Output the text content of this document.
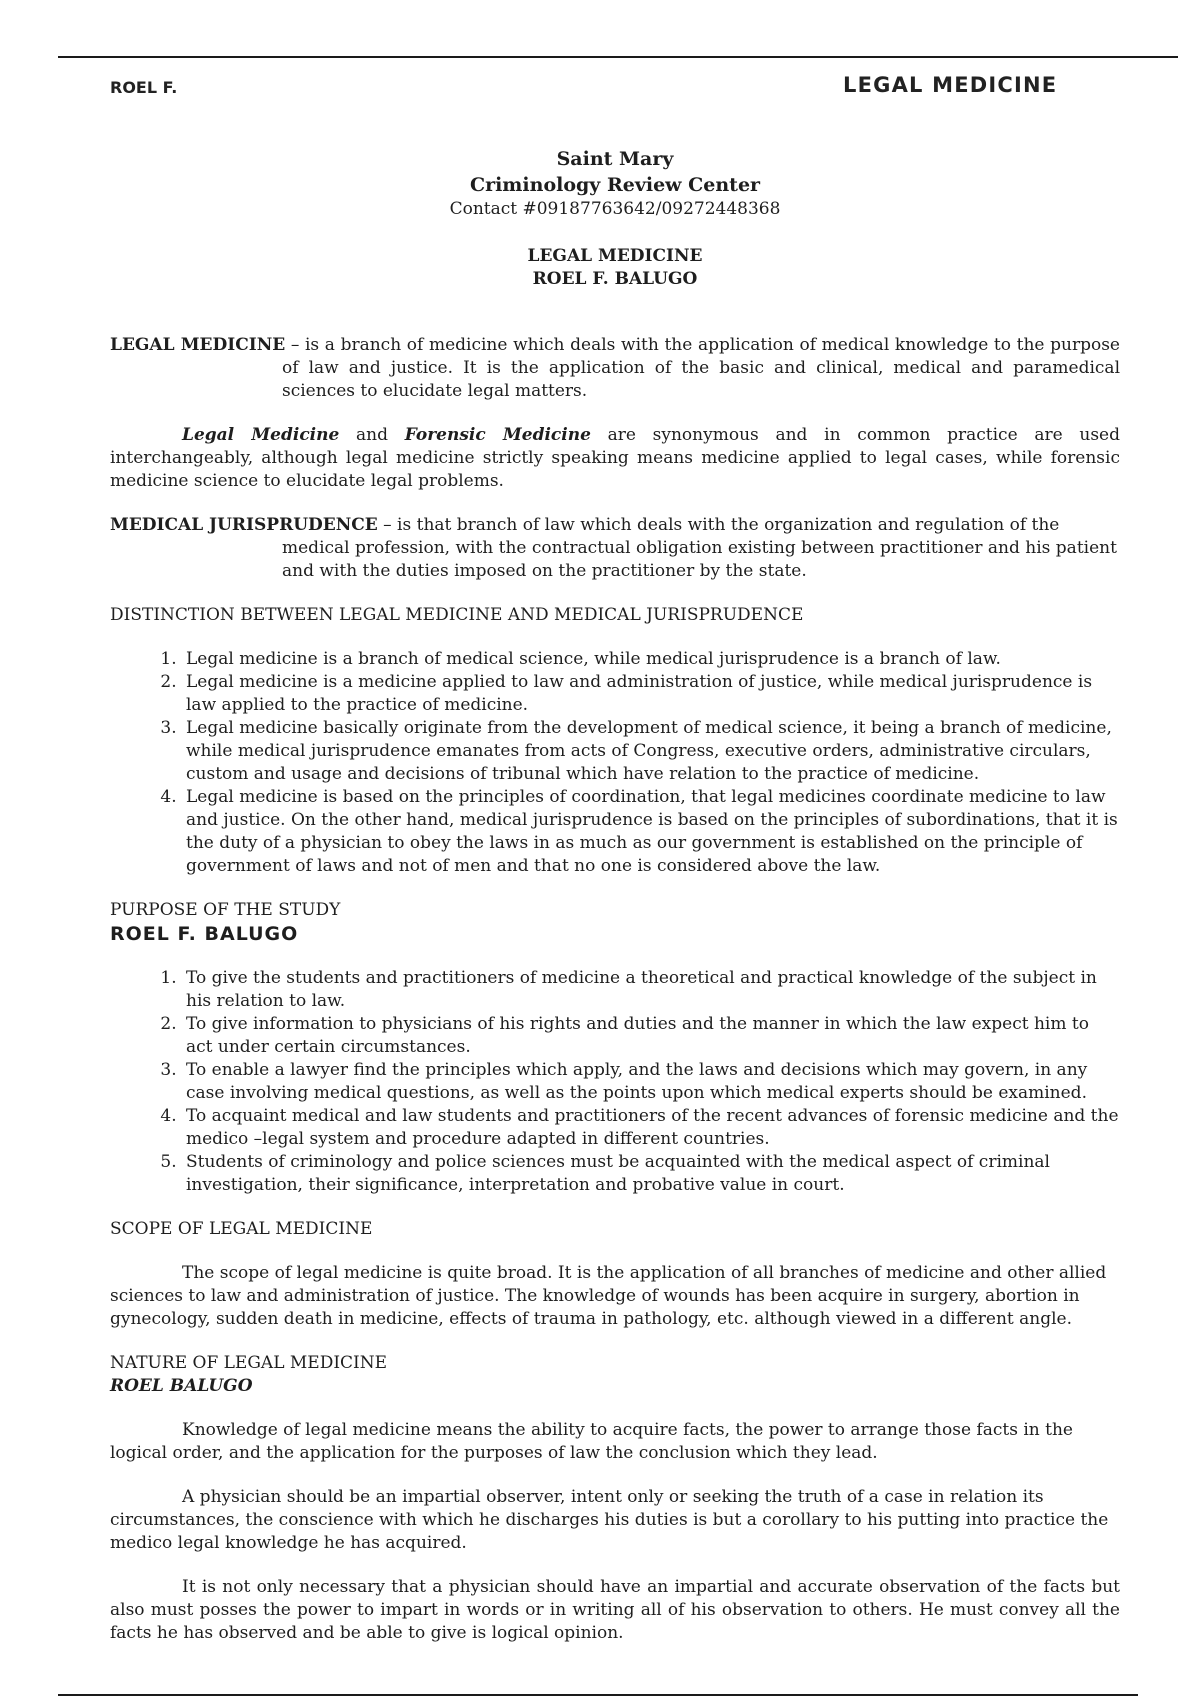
ROEL F.	LEGAL MEDICINE
Saint Mary
Criminology Review Center
Contact #09187763642/09272448368
LEGAL MEDICINE
ROEL F. BALUGO

LEGAL MEDICINE – is a branch of medicine which deals with the application of medical knowledge to the purpose of law and justice. It is the application of the basic and clinical, medical and paramedical sciences to elucidate legal matters.

Legal Medicine and Forensic Medicine are synonymous and in common practice are used interchangeably, although legal medicine strictly speaking means medicine applied to legal cases, while forensic medicine science to elucidate legal problems.

MEDICAL JURISPRUDENCE – is that branch of law which deals with the organization and regulation of the medical profession, with the contractual obligation existing between practitioner and his patient and with the duties imposed on the practitioner by the state.

DISTINCTION BETWEEN LEGAL MEDICINE AND MEDICAL JURISPRUDENCE

1. Legal medicine is a branch of medical science, while medical jurisprudence is a branch of law.
2. Legal medicine is a medicine applied to law and administration of justice, while medical jurisprudence is law applied to the practice of medicine.
3. Legal medicine basically originate from the development of medical science, it being a branch of medicine, while medical jurisprudence emanates from acts of Congress, executive orders, administrative circulars, custom and usage and decisions of tribunal which have relation to the practice of medicine.
4. Legal medicine is based on the principles of coordination, that legal medicines coordinate medicine to law and justice. On the other hand, medical jurisprudence is based on the principles of subordinations, that it is the duty of a physician to obey the laws in as much as our government is established on the principle of government of laws and not of men and that no one is considered above the law.

PURPOSE OF THE STUDY

ROEL F. BALUGO

1. To give the students and practitioners of medicine a theoretical and practical knowledge of the subject in his relation to law.
2. To give information to physicians of his rights and duties and the manner in which the law expect him to act under certain circumstances.
3. To enable a lawyer find the principles which apply, and the laws and decisions which may govern, in any case involving medical questions, as well as the points upon which medical experts should be examined.
4. To acquaint medical and law students and practitioners of the recent advances of forensic medicine and the medico –legal system and procedure adapted in different countries.
5. Students of criminology and police sciences must be acquainted with the medical aspect of criminal investigation, their significance, interpretation and probative value in court.

SCOPE OF LEGAL MEDICINE

The scope of legal medicine is quite broad. It is the application of all branches of medicine and other allied sciences to law and administration of justice. The knowledge of wounds has been acquire in surgery, abortion in gynecology, sudden death in medicine, effects of trauma in pathology, etc. although viewed in a different angle.

NATURE OF LEGAL MEDICINE

ROEL BALUGO

Knowledge of legal medicine means the ability to acquire facts, the power to arrange those facts in the logical order, and the application for the purposes of law the conclusion which they lead.

A physician should be an impartial observer, intent only or seeking the truth of a case in relation its circumstances, the conscience with which he discharges his duties is but a corollary to his putting into practice the medico legal knowledge he has acquired.

It is not only necessary that a physician should have an impartial and accurate observation of the facts but also must posses the power to impart in words or in writing all of his observation to others. He must convey all the facts he has observed and be able to give is logical opinion.
